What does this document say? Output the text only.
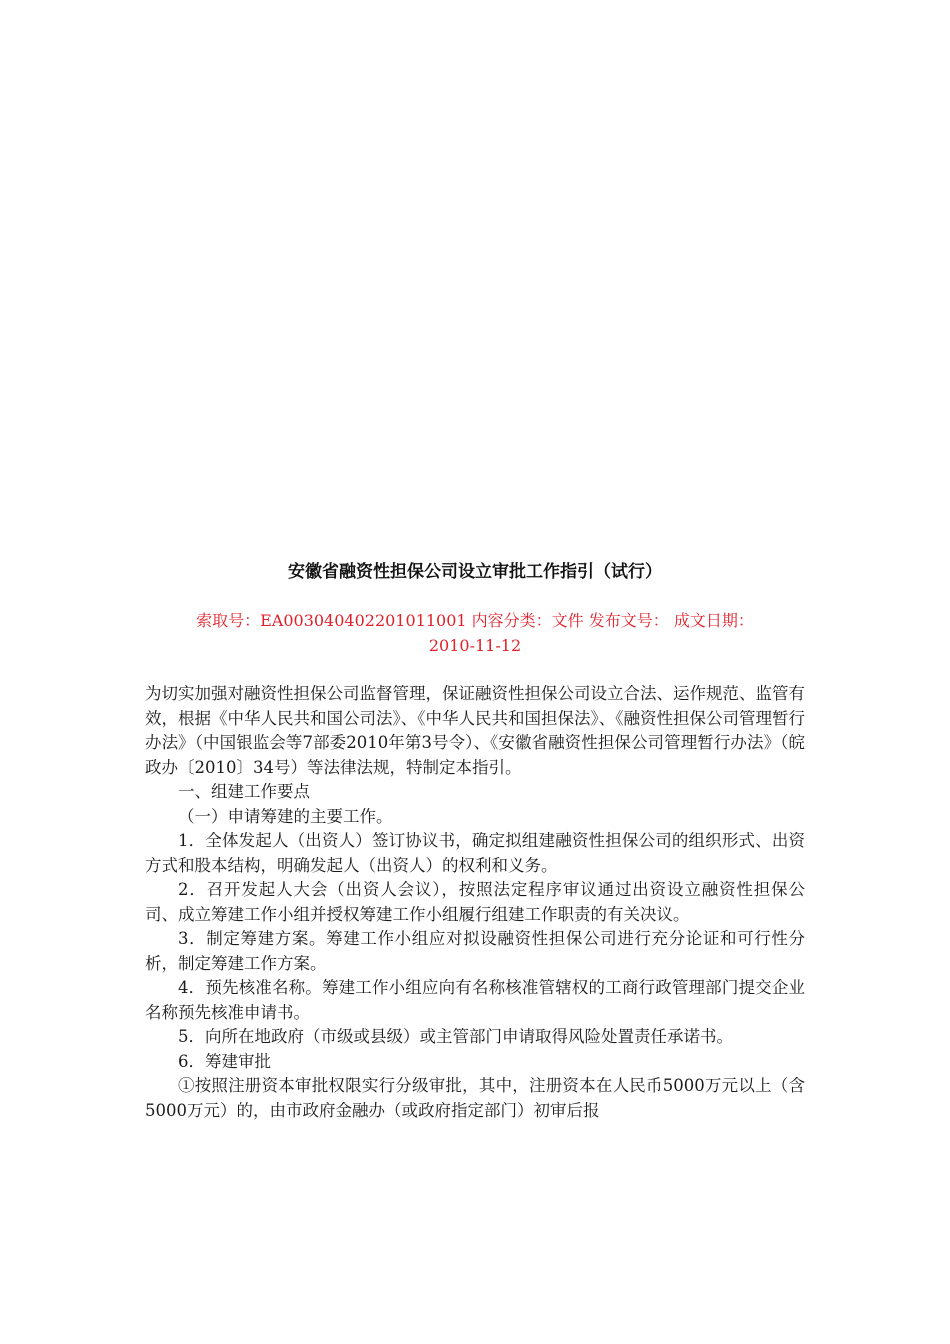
安徽省融资性担保公司设立审批工作指引（试行）
索取号：EA003040402201011001 内容分类：文件 发布文号： 成文日期：
2010-11-12

为切实加强对融资性担保公司监督管理，保证融资性担保公司设立合法、运作规范、监管有效，根据《中华人民共和国公司法》、《中华人民共和国担保法》、《融资性担保公司管理暂行办法》（中国银监会等7部委2010年第3号令）、《安徽省融资性担保公司管理暂行办法》（皖政办〔2010〕34号）等法律法规，特制定本指引。

一、组建工作要点

（一）申请筹建的主要工作。

1．全体发起人（出资人）签订协议书，确定拟组建融资性担保公司的组织形式、出资方式和股本结构，明确发起人（出资人）的权利和义务。

2．召开发起人大会（出资人会议），按照法定程序审议通过出资设立融资性担保公司、成立筹建工作小组并授权筹建工作小组履行组建工作职责的有关决议。

3．制定筹建方案。筹建工作小组应对拟设融资性担保公司进行充分论证和可行性分析，制定筹建工作方案。

4．预先核准名称。筹建工作小组应向有名称核准管辖权的工商行政管理部门提交企业名称预先核准申请书。

5．向所在地政府（市级或县级）或主管部门申请取得风险处置责任承诺书。

6．筹建审批

①按照注册资本审批权限实行分级审批，其中，注册资本在人民币5000万元以上（含5000万元）的，由市政府金融办（或政府指定部门）初审后报
